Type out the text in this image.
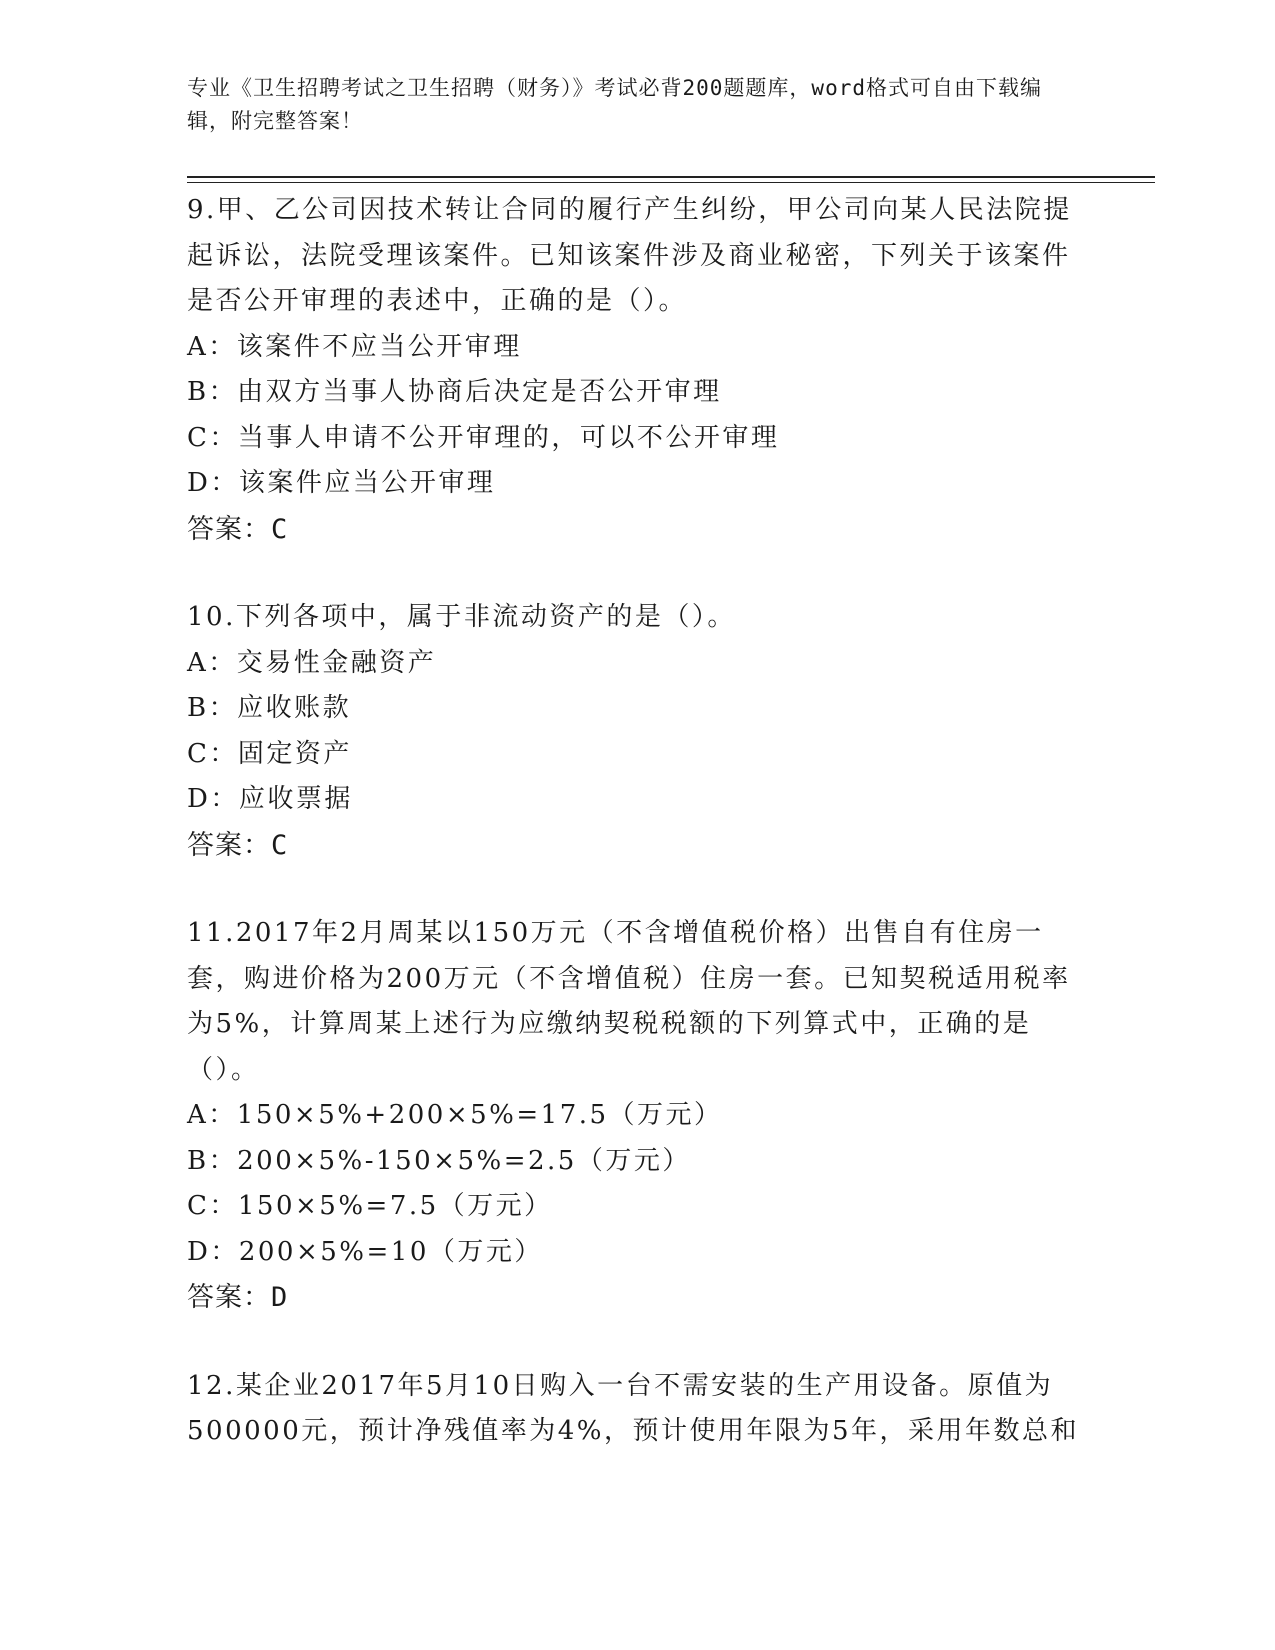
专业《卫生招聘考试之卫生招聘（财务）》考试必背200题题库，word格式可自由下载编辑，附完整答案！

9.甲、乙公司因技术转让合同的履行产生纠纷，甲公司向某人民法院提起诉讼，法院受理该案件。已知该案件涉及商业秘密，下列关于该案件是否公开审理的表述中，正确的是（）。

A：该案件不应当公开审理

B：由双方当事人协商后决定是否公开审理

C：当事人申请不公开审理的，可以不公开审理

D：该案件应当公开审理

答案：C

10.下列各项中，属于非流动资产的是（）。

A：交易性金融资产

B：应收账款

C：固定资产

D：应收票据

答案：C

11.2017年2月周某以150万元（不含增值税价格）出售自有住房一套，购进价格为200万元（不含增值税）住房一套。已知契税适用税率为5%，计算周某上述行为应缴纳契税税额的下列算式中，正确的是（）。

A：150×5%+200×5%=17.5（万元）

B：200×5%-150×5%=2.5（万元）

C：150×5%=7.5（万元）

D：200×5%=10（万元）

答案：D

12.某企业2017年5月10日购入一台不需安装的生产用设备。原值为500000元，预计净残值率为4%，预计使用年限为5年，采用年数总和
